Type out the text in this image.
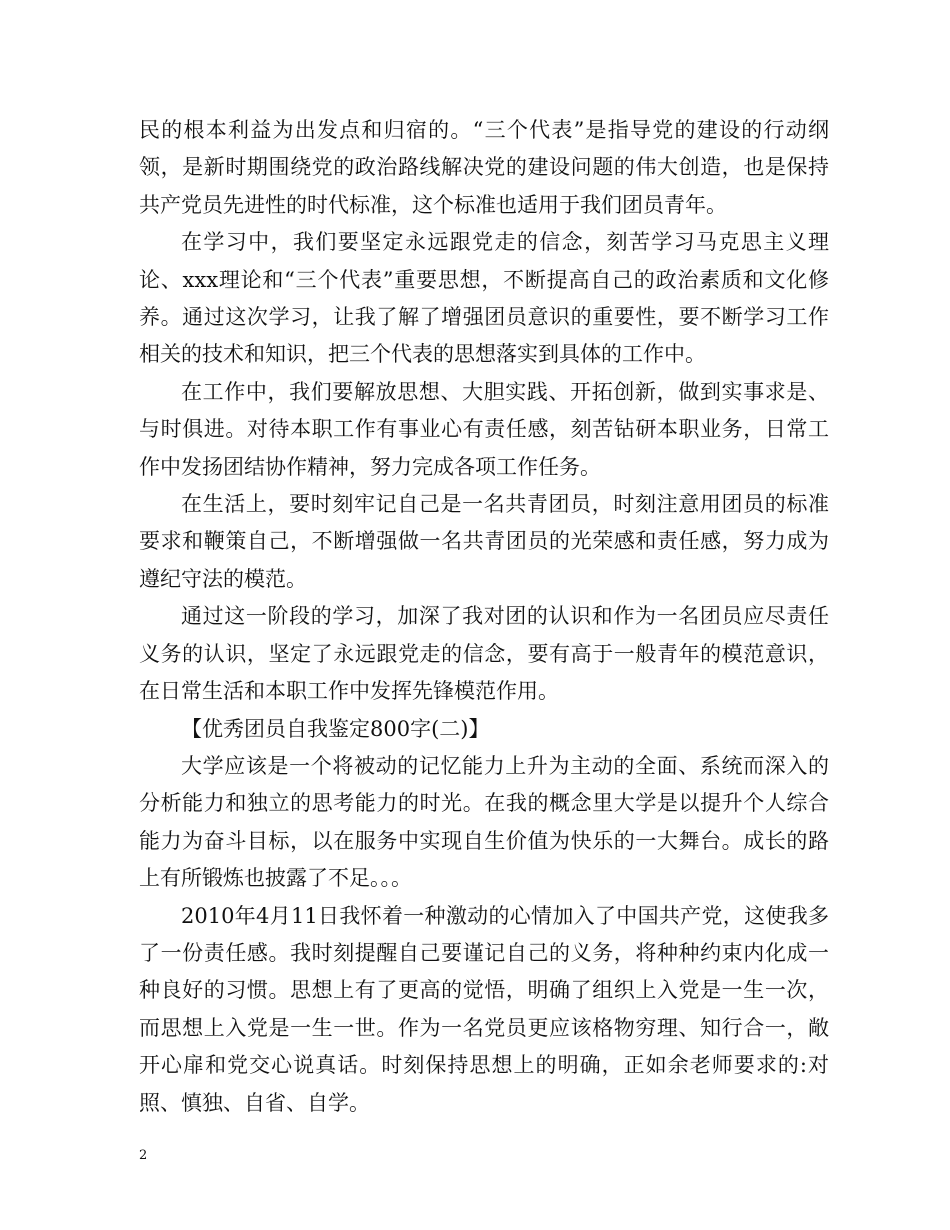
民的根本利益为出发点和归宿的。“三个代表”是指导党的建设的行动纲领，是新时期围绕党的政治路线解决党的建设问题的伟大创造，也是保持共产党员先进性的时代标准，这个标准也适用于我们团员青年。

在学习中，我们要坚定永远跟党走的信念，刻苦学习马克思主义理论、xxx理论和“三个代表”重要思想，不断提高自己的政治素质和文化修养。通过这次学习，让我了解了增强团员意识的重要性，要不断学习工作相关的技术和知识，把三个代表的思想落实到具体的工作中。

在工作中，我们要解放思想、大胆实践、开拓创新，做到实事求是、与时俱进。对待本职工作有事业心有责任感，刻苦钻研本职业务，日常工作中发扬团结协作精神，努力完成各项工作任务。

在生活上，要时刻牢记自己是一名共青团员，时刻注意用团员的标准要求和鞭策自己，不断增强做一名共青团员的光荣感和责任感，努力成为遵纪守法的模范。

通过这一阶段的学习，加深了我对团的认识和作为一名团员应尽责任义务的认识，坚定了永远跟党走的信念，要有高于一般青年的模范意识，在日常生活和本职工作中发挥先锋模范作用。

【优秀团员自我鉴定800字(二)】

大学应该是一个将被动的记忆能力上升为主动的全面、系统而深入的分析能力和独立的思考能力的时光。在我的概念里大学是以提升个人综合能力为奋斗目标，以在服务中实现自生价值为快乐的一大舞台。成长的路上有所锻炼也披露了不足。。。

2010年4月11日我怀着一种激动的心情加入了中国共产党，这使我多了一份责任感。我时刻提醒自己要谨记自己的义务，将种种约束内化成一种良好的习惯。思想上有了更高的觉悟，明确了组织上入党是一生一次，而思想上入党是一生一世。作为一名党员更应该格物穷理、知行合一，敞开心扉和党交心说真话。时刻保持思想上的明确，正如余老师要求的:对照、慎独、自省、自学。

2
